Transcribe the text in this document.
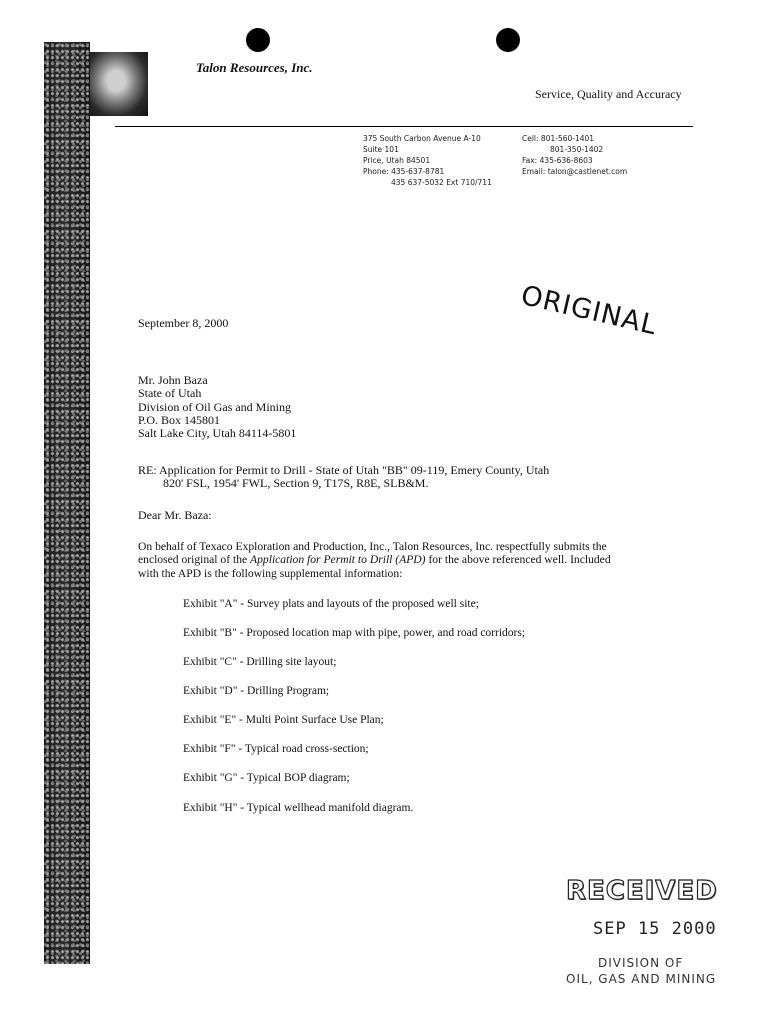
Talon Resources, Inc.
Service, Quality and Accuracy
375 South Carbon Avenue A-10
Suite 101
Price, Utah 84501
Phone: 435-637-8781
435 637-5032 Ext 710/711
Cell: 801-560-1401
801-350-1402
Fax: 435-636-8603
Email: talon@castlenet.com
ORIGINAL
September 8, 2000
Mr. John Baza
State of Utah
Division of Oil Gas and Mining
P.O. Box 145801
Salt Lake City, Utah 84114-5801
RE: Application for Permit to Drill - State of Utah "BB" 09-119, Emery County, Utah
820' FSL, 1954' FWL, Section 9, T17S, R8E, SLB&M.
Dear Mr. Baza:
On behalf of Texaco Exploration and Production, Inc., Talon Resources, Inc. respectfully submits the
enclosed original of the Application for Permit to Drill (APD) for the above referenced well. Included
with the APD is the following supplemental information:
Exhibit "A" - Survey plats and layouts of the proposed well site;
Exhibit "B" - Proposed location map with pipe, power, and road corridors;
Exhibit "C" - Drilling site layout;
Exhibit "D" - Drilling Program;
Exhibit "E" - Multi Point Surface Use Plan;
Exhibit "F" - Typical road cross-section;
Exhibit "G" - Typical BOP diagram;
Exhibit "H" - Typical wellhead manifold diagram.
RECEIVED
SEP 15 2000
DIVISION OF
OIL, GAS AND MINING
